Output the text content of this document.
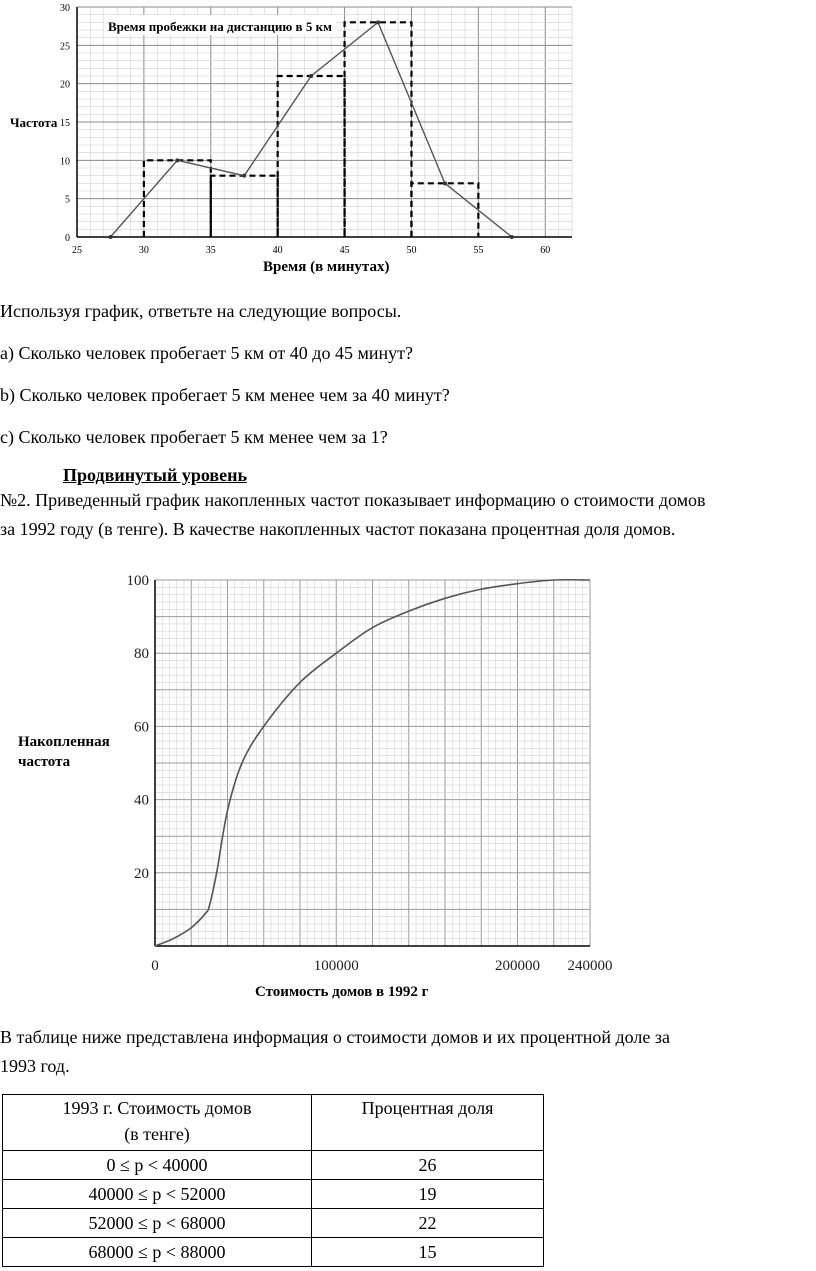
25	30	35	40	45	50	55	60
0
5
10
15
20
25
30
Время пробежки на дистанцию в 5 км
Частота
Время (в минутах)
Используя график, ответьте на следующие вопросы.
a) Сколько человек пробегает 5 км от 40 до 45 минут?
b) Сколько человек пробегает 5 км менее чем за 40 минут?
c) Сколько человек пробегает 5 км менее чем за 1?
Продвинутый уровень
№2. Приведенный график накопленных частот показывает информацию о стоимости домов
за 1992 году (в тенге). В качестве накопленных частот показана процентная доля домов.
0	100000	200000 240000
20
40
60
80
100
Накопленная частота
Стоимость домов в 1992 г
В таблице ниже представлена информация о стоимости домов и их процентной доле за
1993 год.
1993 г. Стоимость домов
(в тенге)	Процентная доля

0 ≤ p < 40000	26
40000 ≤ p < 52000	19
52000 ≤ p < 68000	22
68000 ≤ p < 88000	15
